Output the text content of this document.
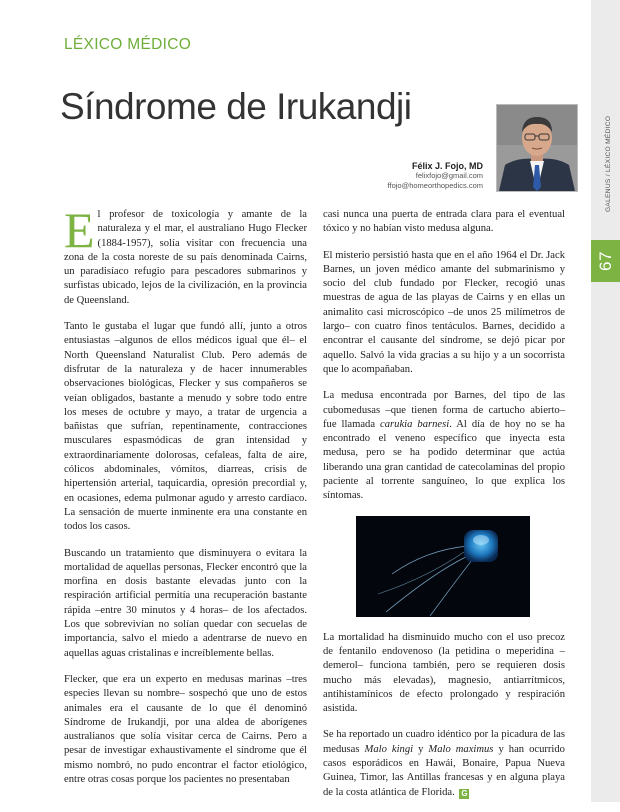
67
GALENUS / LÉXICO MÉDICO
LÉXICO MÉDICO
Síndrome de Irukandji
Félix J. Fojo, MD
felixfojo@gmail.com
ffojo@homeorthopedics.com

El profesor de toxicología y amante de la naturaleza y el mar, el australiano Hugo Flecker (1884-1957), solía visitar con frecuencia una zona de la costa noreste de su país denominada Cairns, un paradisíaco refugio para pescadores submarinos y surfistas ubicado, lejos de la civilización, en la provincia de Queensland.

Tanto le gustaba el lugar que fundó allí, junto a otros entusiastas –algunos de ellos médicos igual que él– el North Queensland Naturalist Club. Pero además de disfrutar de la naturaleza y de hacer innumerables observaciones biológicas, Flecker y sus compañeros se veían obligados, bastante a menudo y sobre todo entre los meses de octubre y mayo, a tratar de urgencia a bañistas que sufrían, repentinamente, contracciones musculares espasmódicas de gran intensidad y extraordinariamente dolorosas, cefaleas, falta de aire, cólicos abdominales, vómitos, diarreas, crisis de hipertensión arterial, taquicardia, opresión precordial y, en ocasiones, edema pulmonar agudo y arresto cardiaco. La sensación de muerte inminente era una constante en todos los casos.

Buscando un tratamiento que disminuyera o evitara la mortalidad de aquellas personas, Flecker encontró que la morfina en dosis bastante elevadas junto con la respiración artificial permitía una recuperación bastante rápida –entre 30 minutos y 4 horas– de los afectados. Los que sobrevivían no solían quedar con secuelas de importancia, salvo el miedo a adentrarse de nuevo en aquellas aguas cristalinas e increíblemente bellas.

Flecker, que era un experto en medusas marinas –tres especies llevan su nombre– sospechó que uno de estos animales era el causante de lo que él denominó Síndrome de Irukandji, por una aldea de aborígenes australianos que solía visitar cerca de Cairns. Pero a pesar de investigar exhaustivamente el síndrome que él mismo nombró, no pudo encontrar el factor etiológico, entre otras cosas porque los pacientes no presentaban

casi nunca una puerta de entrada clara para el eventual tóxico y no habían visto medusa alguna.

El misterio persistió hasta que en el año 1964 el Dr. Jack Barnes, un joven médico amante del submarinismo y socio del club fundado por Flecker, recogió unas muestras de agua de las playas de Cairns y en ellas un animalito casi microscópico –de unos 25 milímetros de largo– con cuatro finos tentáculos. Barnes, decidido a encontrar el causante del síndrome, se dejó picar por aquello. Salvó la vida gracias a su hijo y a un socorrista que lo acompañaban.

La medusa encontrada por Barnes, del tipo de las cubomedusas –que tienen forma de cartucho abierto– fue llamada carukia barnesi. Al día de hoy no se ha encontrado el veneno específico que inyecta esta medusa, pero se ha podido determinar que actúa liberando una gran cantidad de catecolaminas del propio paciente al torrente sanguíneo, lo que explica los síntomas.

La mortalidad ha disminuido mucho con el uso precoz de fentanilo endovenoso (la petidina o meperidina –demerol– funciona también, pero se requieren dosis mucho más elevadas), magnesio, antiarrítmicos, antihistamínicos de efecto prolongado y respiración asistida.

Se ha reportado un cuadro idéntico por la picadura de las medusas Malo kingi y Malo maximus y han ocurrido casos esporádicos en Hawái, Bonaire, Papua Nueva Guinea, Timor, las Antillas francesas y en alguna playa de la costa atlántica de Florida. G
